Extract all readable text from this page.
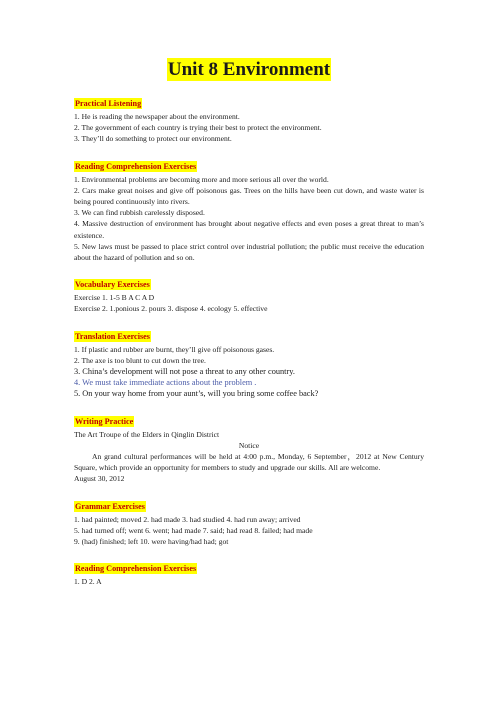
Unit 8 Environment
Practical Listening
1. He is reading the newspaper about the environment.
2. The government of each country is trying their best to protect the environment.
3. They’ll do something to protect our environment.
Reading Comprehension Exercises
1. Environmental problems are becoming more and more serious all over the world.
2. Cars make great noises and give off poisonous gas. Trees on the hills have been cut down, and waste water is being poured continuously into rivers.
3. We can find rubbish carelessly disposed.
4. Massive destruction of environment has brought about negative effects and even poses a great threat to man’s existence.
5. New laws must be passed to place strict control over industrial pollution; the public must receive the education about the hazard of pollution and so on.
Vocabulary Exercises
Exercise 1. 1-5 B A C A D
Exercise 2. 1.ponious 2. pours 3. dispose 4. ecology 5. effective
Translation Exercises
1. If plastic and rubber are burnt, they’ll give off poisonous gases.
2. The axe is too blunt to cut down the tree.
3. China’s development will not pose a threat to any other country.
4. We must take immediate actions about the problem .
5. On your way home from your aunt’s, will you bring some coffee back?
Writing Practice
The Art Troupe of the Elders in Qinglin District
Notice
An grand cultural performances will be held at 4:00 p.m., Monday, 6 September，2012 at New Century Square, which provide an opportunity for members to study and upgrade our skills. All are welcome.
August 30, 2012
Grammar Exercises
1. had painted; moved 2. had made 3. had studied 4. had run away; arrived
5. had turned off; went 6. went; had made 7. said; had read 8. failed; had made
9. (had) finished; left 10. were having/had had; got
Reading Comprehension Exercises
1. D 2. A
